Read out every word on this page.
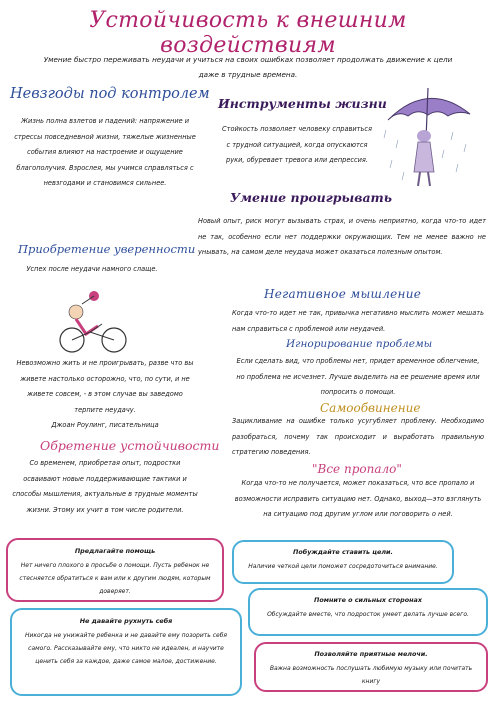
Устойчивость к внешним воздействиям
Умение быстро переживать неудачи и учиться на своих ошибках позволяет продолжать движение к цели даже в трудные времена.
Невзгоды под контролем
Жизнь полна взлетов и падений: напряжение и стрессы повседневной жизни, тяжелые жизненные события влияют на настроение и ощущение благополучия. Взрослея, мы учимся справляться с невзгодами и становимся сильнее.
Инструменты жизни
Стойкость позволяет человеку справиться с трудной ситуацией, когда опускаются руки, обуревает тревога или депрессия.
Умение проигрывать
Новый опыт, риск могут вызывать страх, и очень неприятно, когда что-то идет не так, особенно если нет поддержки окружающих. Тем не менее важно не унывать, на самом деле неудача может оказаться полезным опытом.
Приобретение уверенности
Успех после неудачи намного слаще.
Невозможно жить и не проигрывать, разве что вы живете настолько осторожно, что, по сути, и не живете совсем, - в этом случае вы заведомо терпите неудачу.
Джоан Роулинг, писательница
Обретение устойчивости
Со временем, приобретая опыт, подростки осваивают новые поддерживающие тактики и способы мышления, актуальные в трудные моменты жизни. Этому их учит в том числе родители.
Негативное мышление
Когда что-то идет не так, привычка негативно мыслить может мешать нам справиться с проблемой или неудачей.
Игнорирование проблемы
Если сделать вид, что проблемы нет, придет временное облегчение, но проблема не исчезнет. Лучше выделить на ее решение время или попросить о помощи.
Самообвинение
Зацикливание на ошибке только усугубляет проблему. Необходимо разобраться, почему так происходит и выработать правильную стратегию поведения.
"Все пропало"
Когда что-то не получается, может показаться, что все пропало и возможности исправить ситуацию нет. Однако, выход—это взглянуть на ситуацию под другим углом или поговорить о ней.
Предлагайте помощь
Нет ничего плохого в просьбе о помощи. Пусть ребенок не стесняется обратиться к вам или к другим людям, которым доверяет.
Побуждайте ставить цели.
Наличие четкой цели поможет сосредоточиться внимание.
Помните о сильных сторонах
Обсуждайте вместе, что подросток умеет делать лучше всего.
Не давайте рухнуть себя
Никогда не унижайте ребенка и не давайте ему позорить себя самого. Рассказывайте ему, что никто не идеален, и научите ценить себя за каждое, даже самое малое, достижение.
Позволяйте приятные мелочи.
Важна возможность послушать любимую музыку или почитать книгу
